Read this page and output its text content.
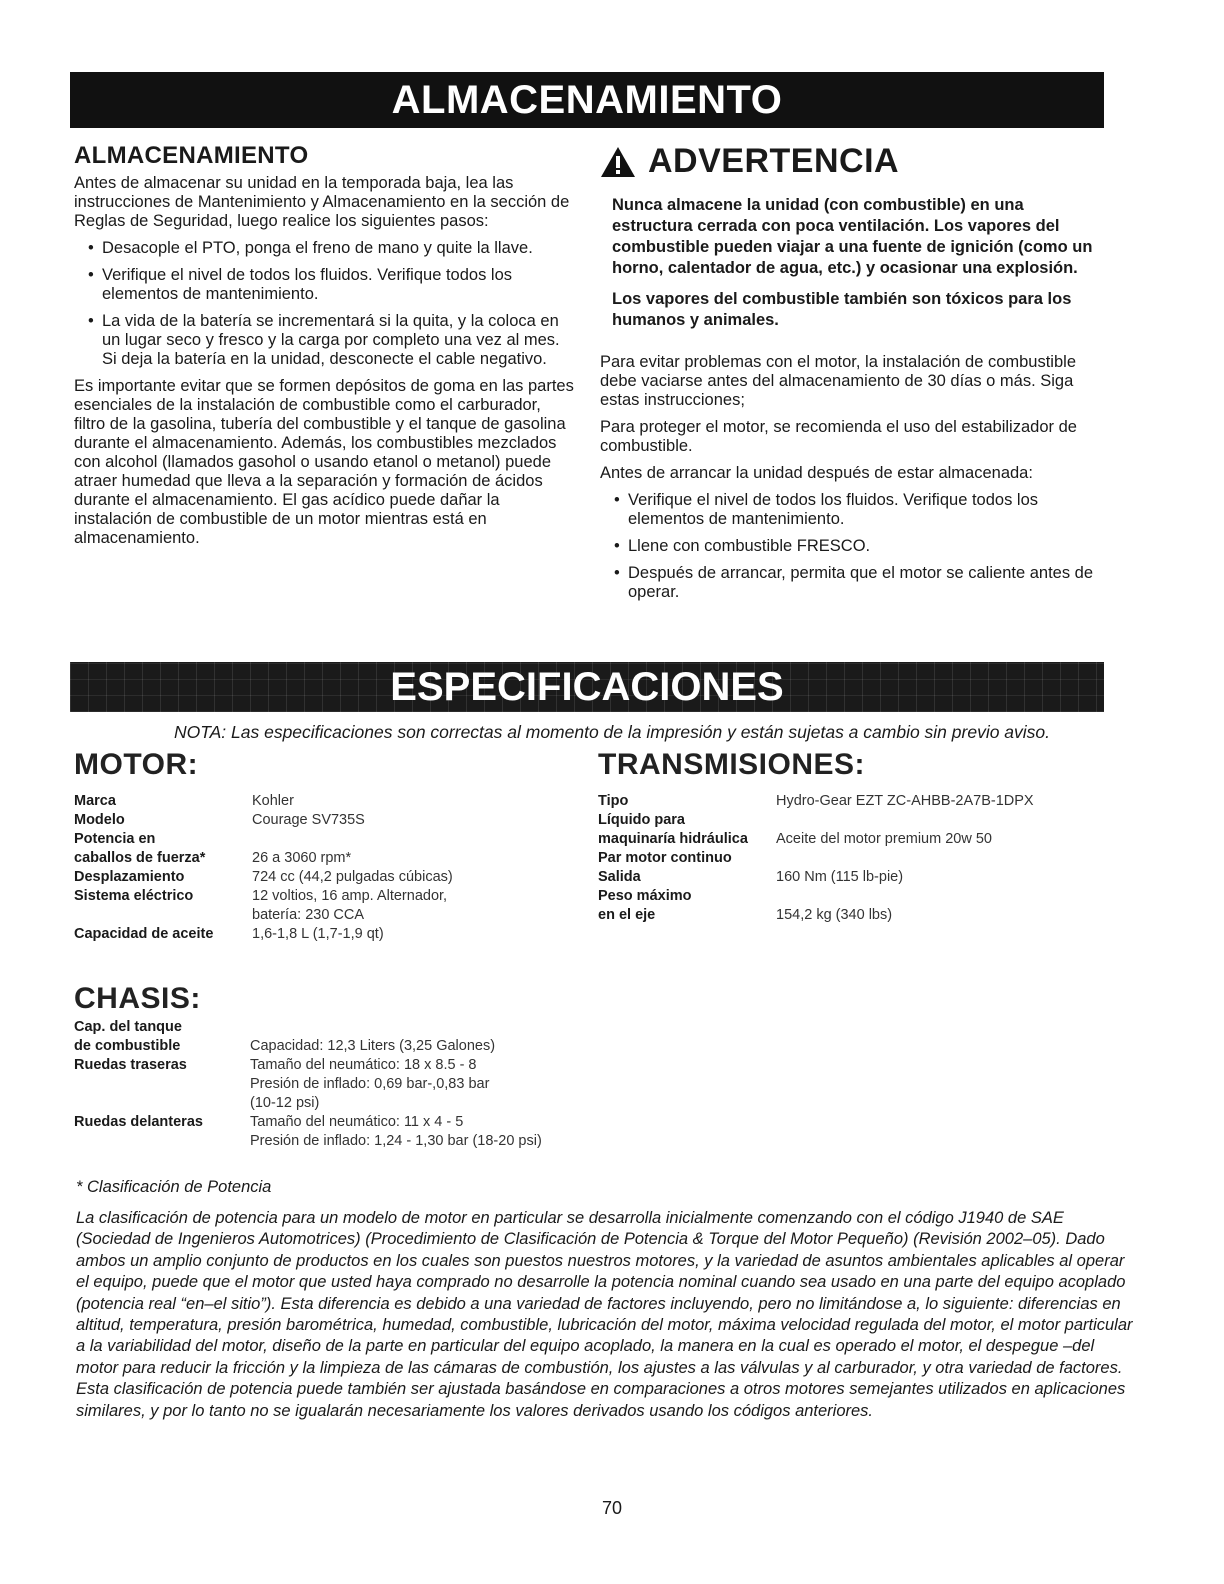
ALMACENAMIENTO
ALMACENAMIENTO

Antes de almacenar su unidad en la temporada baja, lea las instrucciones de Mantenimiento y Almacenamiento en la sección de Reglas de Seguridad, luego realice los siguientes pasos:

• Desacople el PTO, ponga el freno de mano y quite la llave.
• Verifique el nivel de todos los fluidos. Verifique todos los elementos de mantenimiento.
• La vida de la batería se incrementará si la quita, y la coloca en un lugar seco y fresco y la carga por completo una vez al mes. Si deja la batería en la unidad, desconecte el cable negativo.

Es importante evitar que se formen depósitos de goma en las partes esenciales de la instalación de combustible como el carburador, filtro de la gasolina, tubería del combustible y el tanque de gasolina durante el almacenamiento. Además, los combustibles mezclados con alcohol (llamados gasohol o usando etanol o metanol) puede atraer humedad que lleva a la separación y formación de ácidos durante el almacenamiento. El gas acídico puede dañar la instalación de combustible de un motor mientras está en almacenamiento.

ADVERTENCIA

Nunca almacene la unidad (con combustible) en una estructura cerrada con poca ventilación. Los vapores del combustible pueden viajar a una fuente de ignición (como un horno, calentador de agua, etc.) y ocasionar una explosión.

Los vapores del combustible también son tóxicos para los humanos y animales.

Para evitar problemas con el motor, la instalación de combustible debe vaciarse antes del almacenamiento de 30 días o más. Siga estas instrucciones;

Para proteger el motor, se recomienda el uso del estabilizador de combustible.

Antes de arrancar la unidad después de estar almacenada:

• Verifique el nivel de todos los fluidos. Verifique todos los elementos de mantenimiento.
• Llene con combustible FRESCO.
• Después de arrancar, permita que el motor se caliente antes de operar.
ESPECIFICACIONES
NOTA: Las especificaciones son correctas al momento de la impresión y están sujetas a cambio sin previo aviso.
MOTOR:
Marca	Kohler
Modelo	Courage SV735S
Potencia en	
caballos de fuerza*	26 a 3060 rpm*
Desplazamiento	724 cc (44,2 pulgadas cúbicas)
Sistema eléctrico	12 voltios, 16 amp. Alternador,
	batería: 230 CCA
Capacidad de aceite	1,6-1,8 L (1,7-1,9 qt)
TRANSMISIONES:
Tipo	Hydro-Gear EZT ZC-AHBB-2A7B-1DPX
Líquido para	
maquinaría hidráulica	Aceite del motor premium 20w 50
Par motor continuo	
Salida	160 Nm (115 lb-pie)
Peso máximo	
en el eje	154,2 kg (340 lbs)
CHASIS:
Cap. del tanque	
de combustible	Capacidad: 12,3 Liters (3,25 Galones)
Ruedas traseras	Tamaño del neumático: 18 x 8.5 - 8
	Presión de inflado: 0,69 bar-,0,83 bar
	(10-12 psi)
Ruedas delanteras	Tamaño del neumático: 11 x 4 - 5
	Presión de inflado: 1,24 - 1,30 bar (18-20 psi)
* Clasificación de Potencia

La clasificación de potencia para un modelo de motor en particular se desarrolla inicialmente comenzando con el código J1940 de SAE (Sociedad de Ingenieros Automotrices) (Procedimiento de Clasificación de Potencia & Torque del Motor Pequeño) (Revisión 2002–05). Dado ambos un amplio conjunto de productos en los cuales son puestos nuestros motores, y la variedad de asuntos ambientales aplicables al operar el equipo, puede que el motor que usted haya comprado no desarrolle la potencia nominal cuando sea usado en una parte del equipo acoplado (potencia real “en–el sitio”). Esta diferencia es debido a una variedad de factores incluyendo, pero no limitándose a, lo siguiente: diferencias en altitud, temperatura, presión barométrica, humedad, combustible, lubricación del motor, máxima velocidad regulada del motor, el motor particular a la variabilidad del motor, diseño de la parte en particular del equipo acoplado, la manera en la cual es operado el motor, el despegue –del motor para reducir la fricción y la limpieza de las cámaras de combustión, los ajustes a las válvulas y al carburador, y otra variedad de factores. Esta clasificación de potencia puede también ser ajustada basándose en comparaciones a otros motores semejantes utilizados en aplicaciones similares, y por lo tanto no se igualarán necesariamente los valores derivados usando los códigos anteriores.

70
